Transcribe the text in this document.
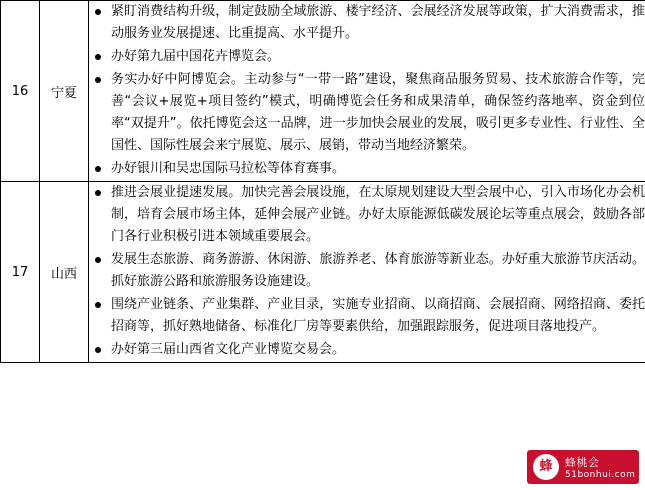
16	宁夏	
紧盯消费结构升级，制定鼓励全域旅游、楼宇经济、会展经济发展等政策，扩大消费需求，推动服务业发展提速、比重提高、水平提升。
办好第九届中国花卉博览会。
务实办好中阿博览会。主动参与“一带一路”建设，聚焦商品服务贸易、技术旅游合作等，完善“会议+展览+项目签约”模式，明确博览会任务和成果清单，确保签约落地率、资金到位率“双提升”。依托博览会这一品牌，进一步加快会展业的发展，吸引更多专业性、行业性、全国性、国际性展会来宁展览、展示、展销，带动当地经济繁荣。
办好银川和吴忠国际马拉松等体育赛事。

17	山西	
推进会展业提速发展。加快完善会展设施，在太原规划建设大型会展中心，引入市场化办会机制，培育会展市场主体，延伸会展产业链。办好太原能源低碳发展论坛等重点展会，鼓励各部门各行业积极引进本领域重要展会。
发展生态旅游、商务游游、休闲游、旅游养老、体育旅游等新业态。办好重大旅游节庆活动。抓好旅游公路和旅游服务设施建设。
围绕产业链条、产业集群、产业目录，实施专业招商、以商招商、会展招商、网络招商、委托招商等，抓好熟地储备、标准化厂房等要素供给，加强跟踪服务，促进项目落地投产。
办好第三届山西省文化产业博览交易会。
蜂	蜂桃会
51bonhui.com
